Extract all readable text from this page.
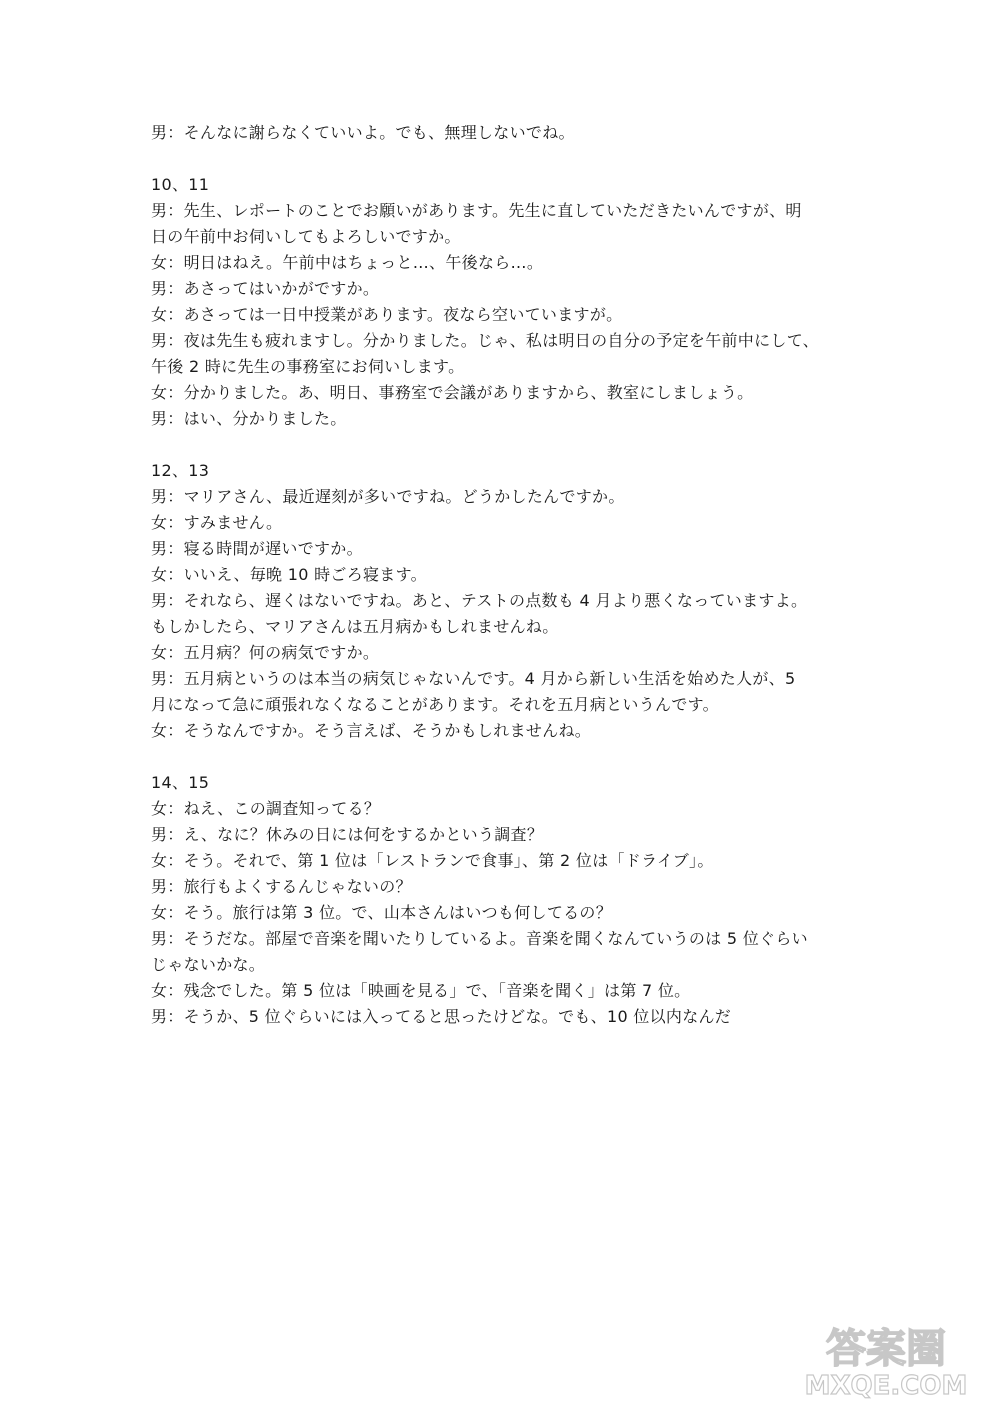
男：そんなに謝らなくていいよ。でも、無理しないでね。
10、11
男：先生、レポートのことでお願いがあります。先生に直していただきたいんですが、明
日の午前中お伺いしてもよろしいですか。
女：明日はねえ。午前中はちょっと…、午後なら…。
男：あさってはいかがですか。
女：あさっては一日中授業があります。夜なら空いていますが。
男：夜は先生も疲れますし。分かりました。じゃ、私は明日の自分の予定を午前中にして、
午後 2 時に先生の事務室にお伺いします。
女：分かりました。あ、明日、事務室で会議がありますから、教室にしましょう。
男：はい、分かりました。
12、13
男：マリアさん、最近遅刻が多いですね。どうかしたんですか。
女：すみません。
男：寝る時間が遅いですか。
女：いいえ、毎晩 10 時ごろ寝ます。
男：それなら、遅くはないですね。あと、テストの点数も 4 月より悪くなっていますよ。
もしかしたら、マリアさんは五月病かもしれませんね。
女：五月病？何の病気ですか。
男：五月病というのは本当の病気じゃないんです。4 月から新しい生活を始めた人が、5
月になって急に頑張れなくなることがあります。それを五月病というんです。
女：そうなんですか。そう言えば、そうかもしれませんね。
14、15
女：ねえ、この調査知ってる？
男：え、なに？休みの日には何をするかという調査？
女：そう。それで、第 1 位は「レストランで食事」、第 2 位は「ドライブ」。
男：旅行もよくするんじゃないの？
女：そう。旅行は第 3 位。で、山本さんはいつも何してるの？
男：そうだな。部屋で音楽を聞いたりしているよ。音楽を聞くなんていうのは 5 位ぐらい
じゃないかな。
女：残念でした。第 5 位は「映画を見る」で、「音楽を聞く」は第 7 位。
男：そうか、5 位ぐらいには入ってると思ったけどな。でも、10 位以内なんだ
答案圈
MXQE.COM
